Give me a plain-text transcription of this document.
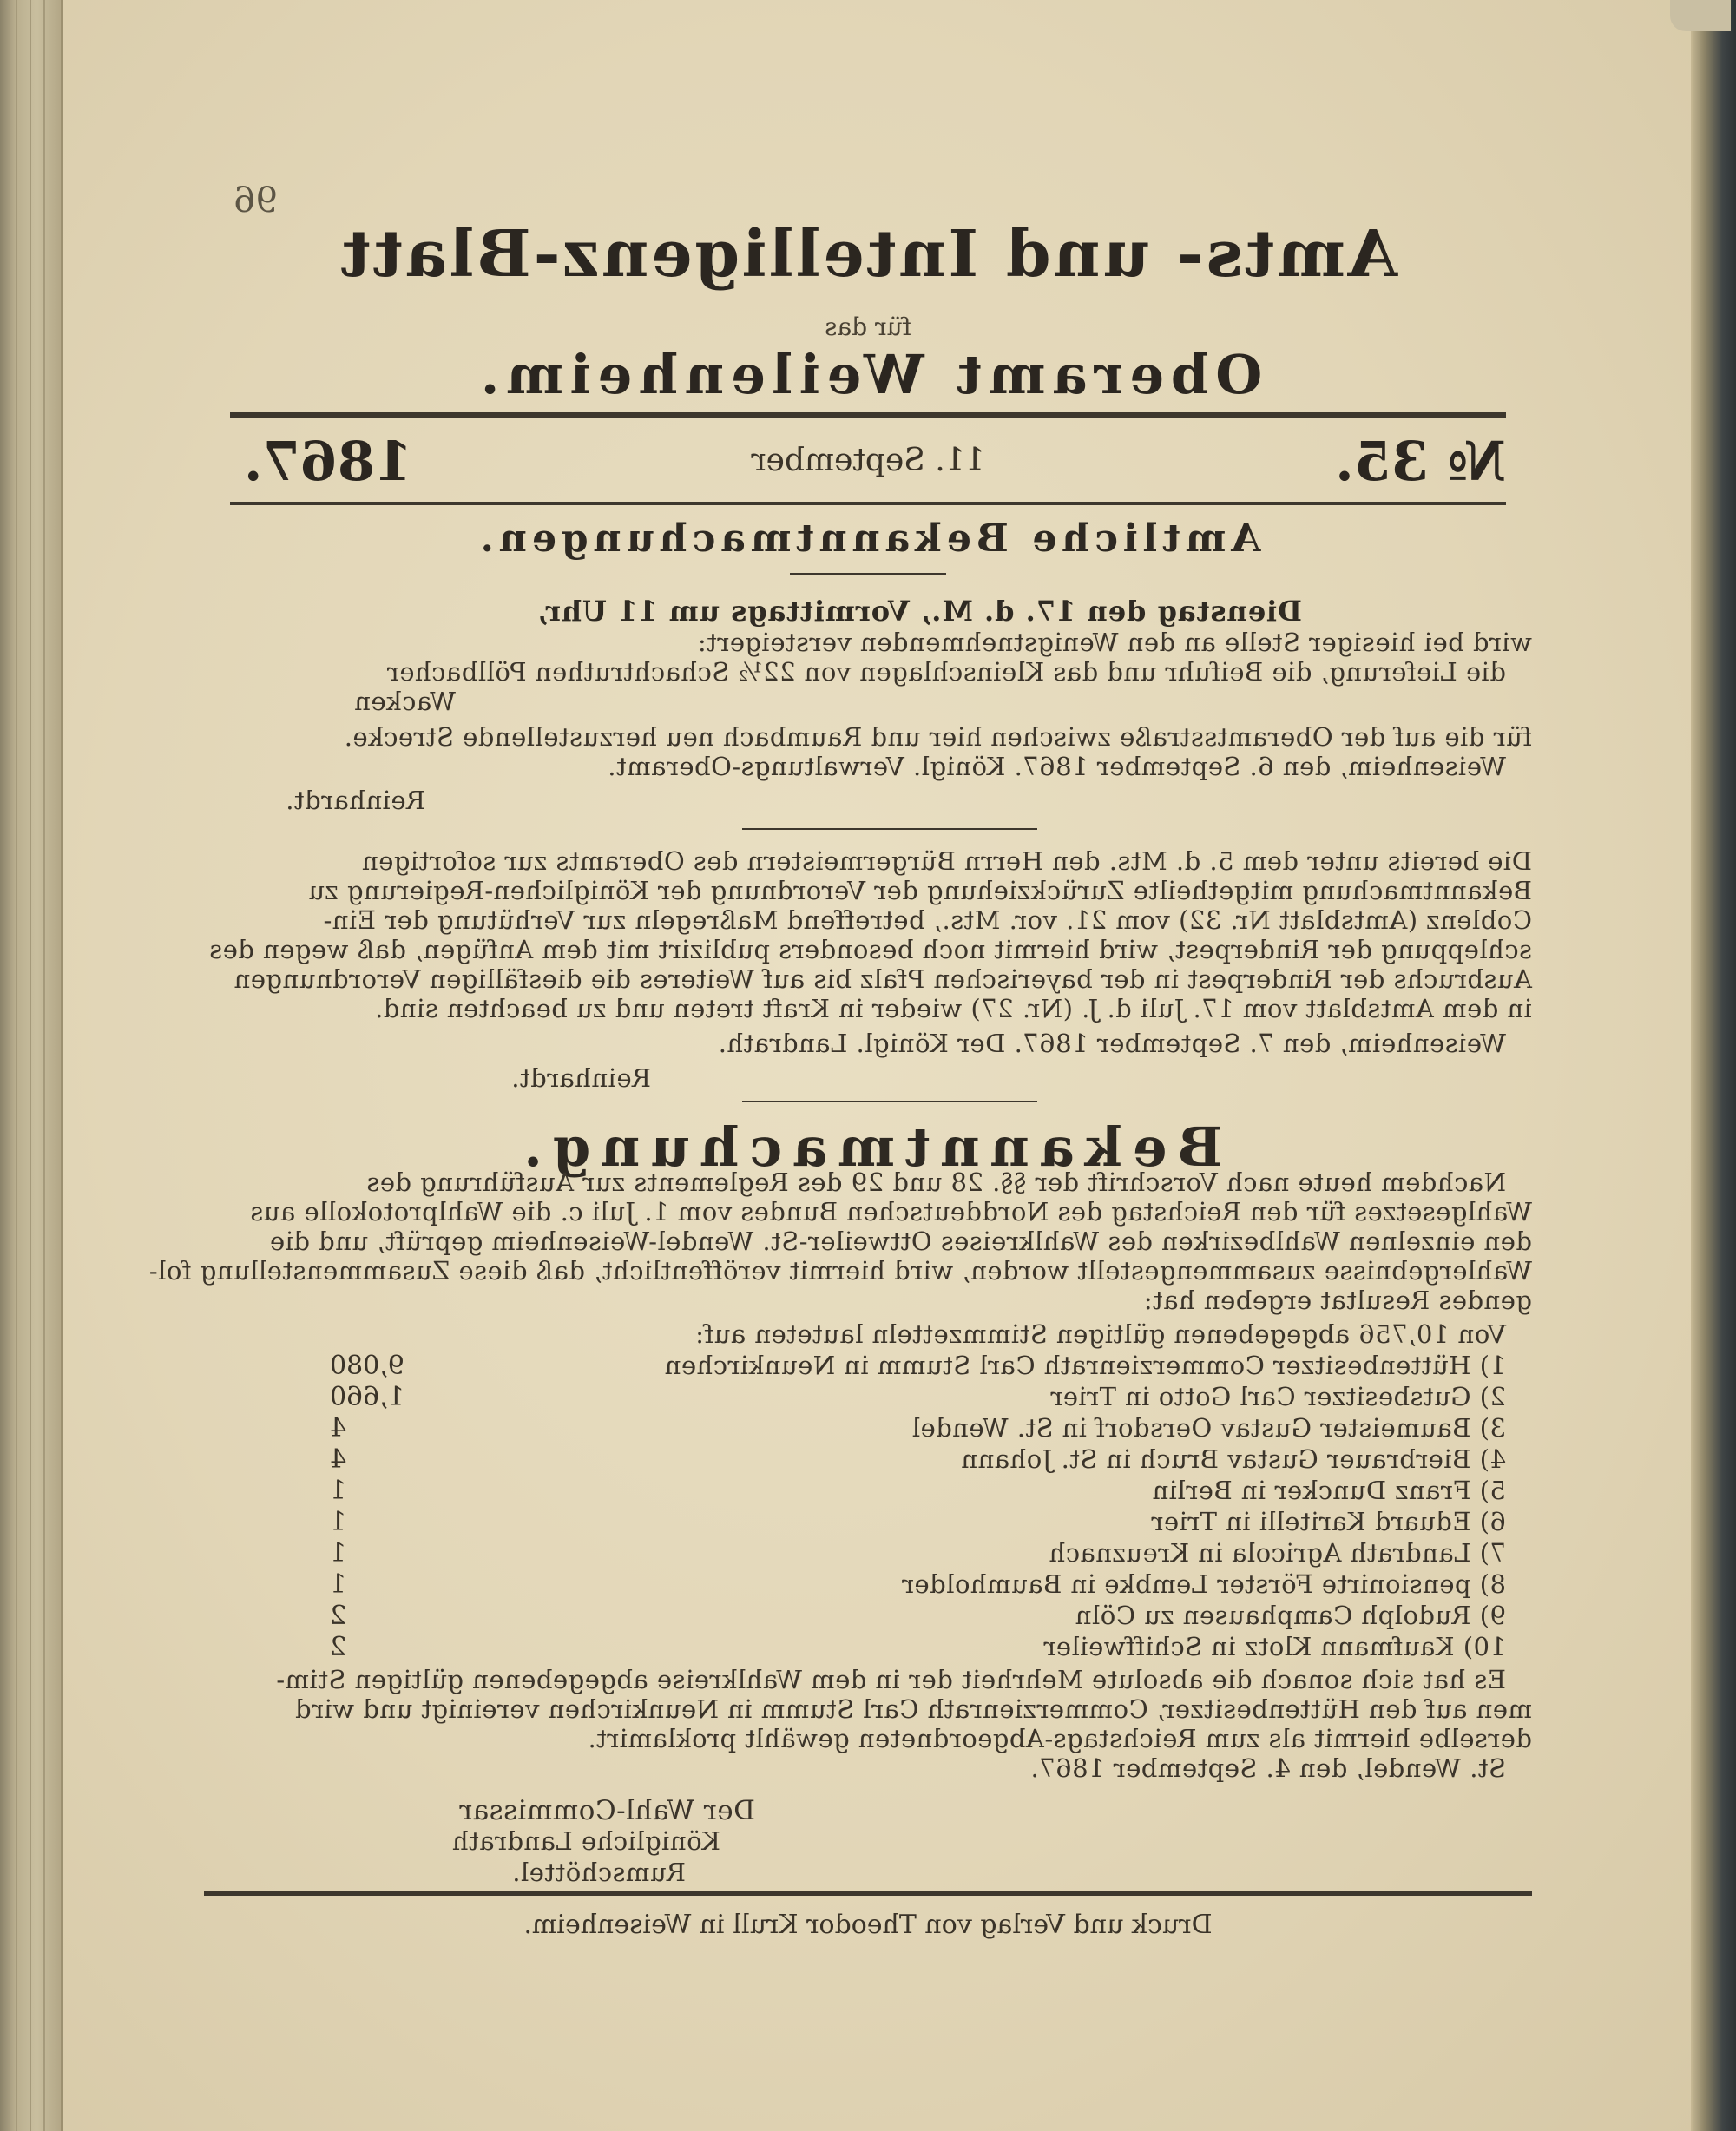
96
Amts- und Intelligenz-Blatt
für das
Oberamt Weilenheim.
№ 35.
11. September
1867.
Amtliche Bekanntmachungen.
Dienstag den 17. d. M., Vormittags um 11 Uhr,
wird bei hiesiger Stelle an den Wenigstnehmenden versteigert:
die Lieferung, die Beifuhr und das Kleinschlagen von 22½ Schachtruthen Pöllbacher
Wacken
für die auf der Oberamtsstraße zwischen hier und Raumbach neu herzustellende Strecke.
Weisenheim, den 6. September 1867. Königl. Verwaltungs-Oberamt.
Reinhardt.
Die bereits unter dem 5. d. Mts. den Herrn Bürgermeistern des Oberamts zur sofortigen
Bekanntmachung mitgetheilte Zurückziehung der Verordnung der Königlichen-Regierung zu
Coblenz (Amtsblatt Nr. 32) vom 21. vor. Mts., betreffend Maßregeln zur Verhütung der Ein-
schleppung der Rinderpest, wird hiermit noch besonders publizirt mit dem Anfügen, daß wegen des
Ausbruchs der Rinderpest in der bayerischen Pfalz bis auf Weiteres die diesfälligen Verordnungen
in dem Amtsblatt vom 17. Juli d. J. (Nr. 27) wieder in Kraft treten und zu beachten sind.
Weisenheim, den 7. September 1867. Der Königl. Landrath.
Reinhardt.
Bekanntmachung.
Nachdem heute nach Vorschrift der §§. 28 und 29 des Reglements zur Ausführung des
Wahlgesetzes für den Reichstag des Norddeutschen Bundes vom 1. Juli c. die Wahlprotokolle aus
den einzelnen Wahlbezirken des Wahlkreises Ottweiler-St. Wendel-Weisenheim geprüft, und die
Wahlergebnisse zusammengestellt worden, wird hiermit veröffentlicht, daß diese Zusammenstellung fol-
gendes Resultat ergeben hat:
Von 10,756 abgegebenen gültigen Stimmzetteln lauteten auf:
1) Hüttenbesitzer Commerzienrath Carl Stumm in Neunkirchen
9,080
2) Gutsbesitzer Carl Gotto in Trier
1,660
3) Baumeister Gustav Oersdorf in St. Wendel
4
4) Bierbrauer Gustav Bruch in St. Johann
4
5) Franz Duncker in Berlin
1
6) Eduard Karitelli in Trier
1
7) Landrath Agricola in Kreuznach
1
8) pensionirte Förster Lembke in Baumholder
1
9) Rudolph Camphausen zu Cöln
2
10) Kaufmann Klotz in Schiffweiler
2
Es hat sich sonach die absolute Mehrheit der in dem Wahlkreise abgegebenen gültigen Stim-
men auf den Hüttenbesitzer, Commerzienrath Carl Stumm in Neunkirchen vereinigt und wird
derselbe hiermit als zum Reichstags-Abgeordneten gewählt proklamirt.
St. Wendel, den 4. September 1867.
Der Wahl-Commissar
Königliche Landrath
Rumschöttel.
Druck und Verlag von Theodor Krull in Weisenheim.
